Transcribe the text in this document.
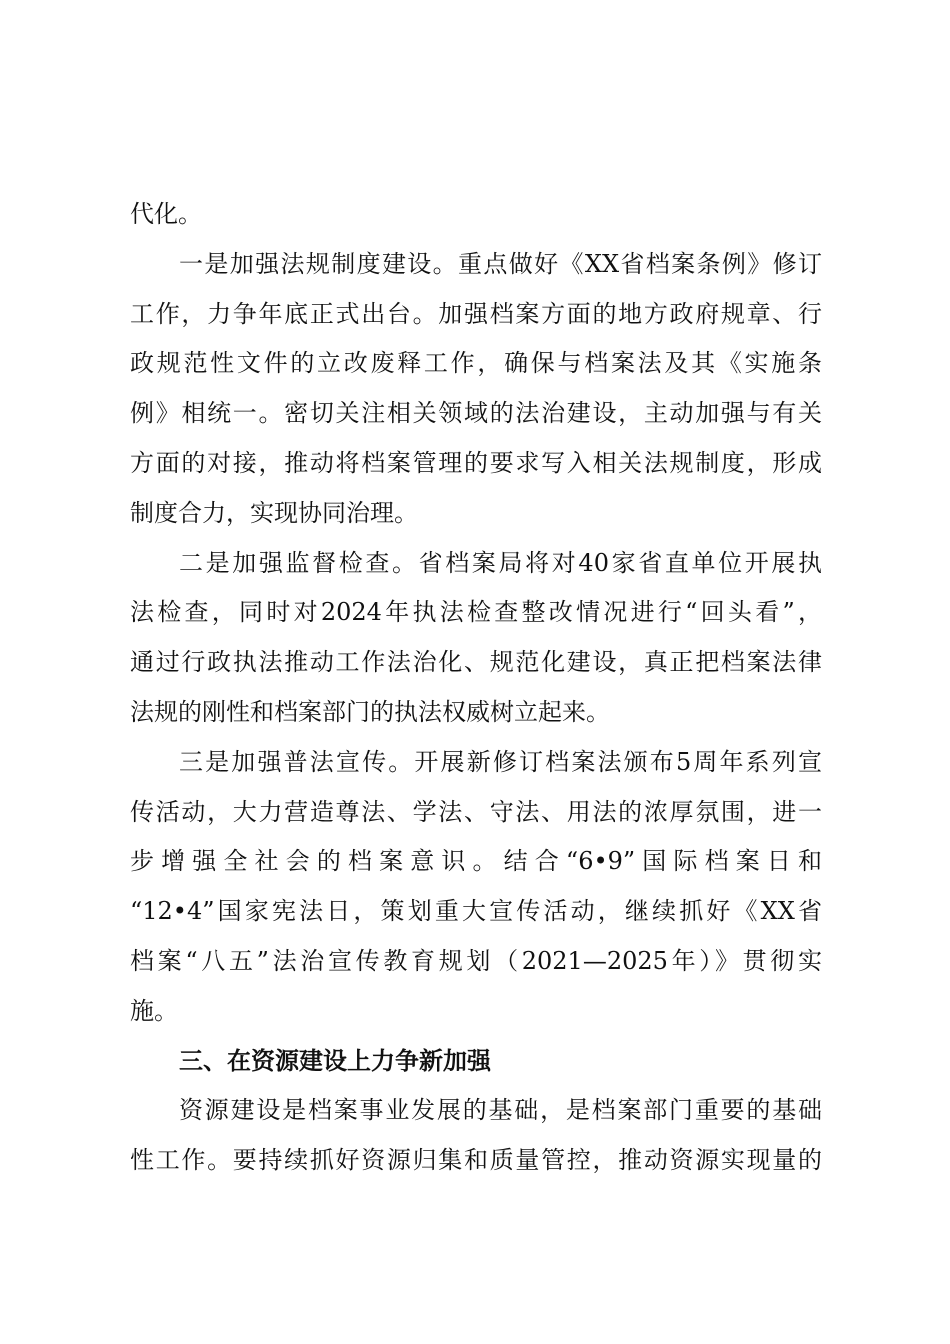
代化。
一是加强法规制度建设。重点做好《XX省档案条例》修订
工作，力争年底正式出台。加强档案方面的地方政府规章、行
政规范性文件的立改废释工作，确保与档案法及其《实施条
例》相统一。密切关注相关领域的法治建设，主动加强与有关
方面的对接，推动将档案管理的要求写入相关法规制度，形成
制度合力，实现协同治理。
二是加强监督检查。省档案局将对40家省直单位开展执
法检查，同时对2024年执法检查整改情况进行“回头看”，
通过行政执法推动工作法治化、规范化建设，真正把档案法律
法规的刚性和档案部门的执法权威树立起来。
三是加强普法宣传。开展新修订档案法颁布5周年系列宣
传活动，大力营造尊法、学法、守法、用法的浓厚氛围，进一
步增强全社会的档案意识。结合“6•9”国际档案日和
“12•4”国家宪法日，策划重大宣传活动，继续抓好《XX省
档案“八五”法治宣传教育规划（2021—2025年）》贯彻实
施。
三、在资源建设上力争新加强
资源建设是档案事业发展的基础，是档案部门重要的基础
性工作。要持续抓好资源归集和质量管控，推动资源实现量的
